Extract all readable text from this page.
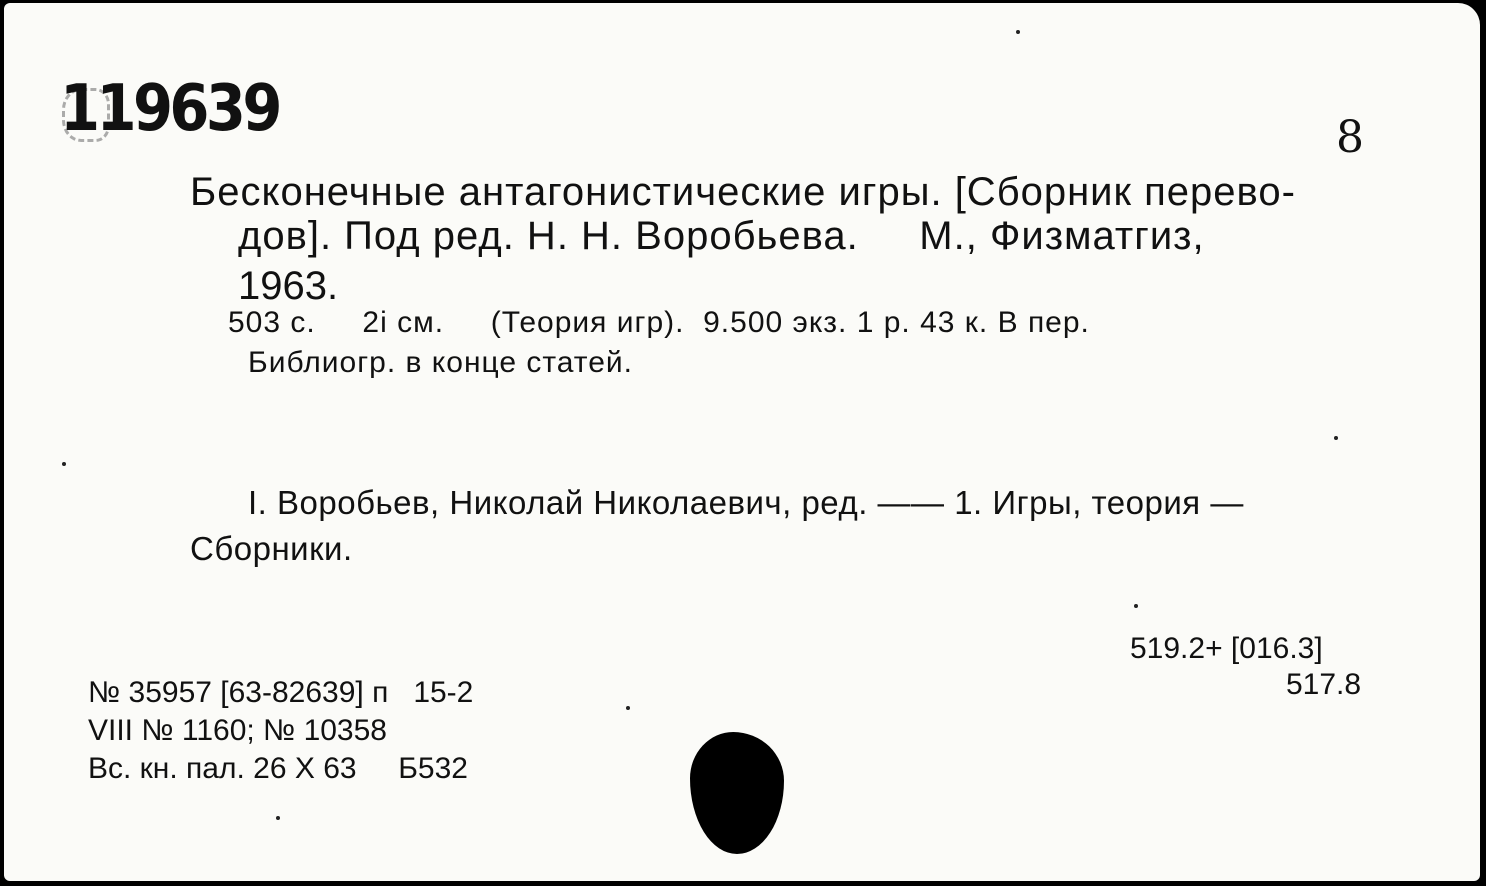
119639	8
Бесконечные антагонистические игры. [Сборник перево-
дов]. Под ред. Н. Н. Воробьева.     М., Физматгиз,
1963.
503 с.     2i см.     (Теория игр).  9.500 экз. 1 р. 43 к. В пер.
Библиогр. в конце статей.
I. Воробьев, Николай Николаевич, ред. —— 1. Игры, теория —
Сборники.
519.2+ [016.3]
517.8
№ 35957 [63-82639] п   15-2
VIII № 1160; № 10358
Вс. кн. пал. 26 X 63     Б532
